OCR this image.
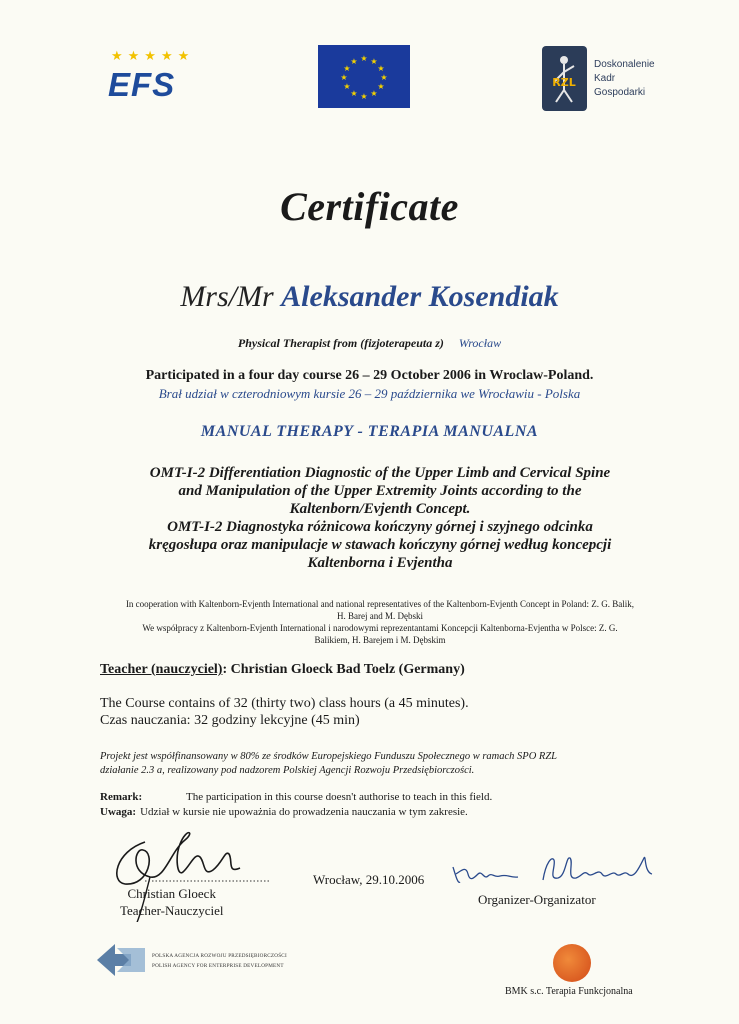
★★★★★
EFS
★ ★
★
★
★
★
★
★
★
★
★
★
RZL
Doskonalenie
Kadr
Gospodarki
Certificate
Mrs/Mr Aleksander Kosendiak
Physical Therapist from (fizjoterapeuta z) Wrocław
Participated in a four day course 26 – 29 October 2006 in Wroclaw-Poland.
Brał udział w czterodniowym kursie 26 – 29 października we Wrocławiu - Polska
MANUAL THERAPY - TERAPIA MANUALNA
OMT-I-2 Differentiation Diagnostic of the Upper Limb and Cervical Spine
and Manipulation of the Upper Extremity Joints according to the
Kaltenborn/Evjenth Concept.
OMT-I-2 Diagnostyka różnicowa kończyny górnej i szyjnego odcinka
kręgosłupa oraz manipulacje w stawach kończyny górnej według koncepcji
Kaltenborna i Evjentha
In cooperation with Kaltenborn-Evjenth International and national representatives of the Kaltenborn-Evjenth Concept in Poland: Z. G. Balik,
H. Barej and M. Dębski
We współpracy z Kaltenborn-Evjenth International i narodowymi reprezentantami Koncepcji Kaltenborna-Evjentha w Polsce: Z. G.
Balikiem, H. Barejem i M. Dębskim
Teacher (nauczyciel): Christian Gloeck Bad Toelz (Germany)
The Course contains of 32 (thirty two) class hours (a 45 minutes).
Czas nauczania: 32 godziny lekcyjne (45 min)
Projekt jest współfinansowany w 80% ze środków Europejskiego Funduszu Społecznego w ramach SPO RZL
działanie 2.3 a, realizowany pod nadzorem Polskiej Agencji Rozwoju Przedsiębiorczości.
Remark:	The participation in this course doesn't authorise to teach in this field.
Uwaga: Udział w kursie nie upoważnia do prowadzenia nauczania w tym zakresie.
Christian Gloeck
Teacher-Nauczyciel
Wrocław, 29.10.2006
Organizer-Organizator
POLSKA AGENCJA ROZWOJU PRZEDSIĘBIORCZOŚCI
POLISH AGENCY FOR ENTERPRISE DEVELOPMENT
BMK s.c. Terapia Funkcjonalna
